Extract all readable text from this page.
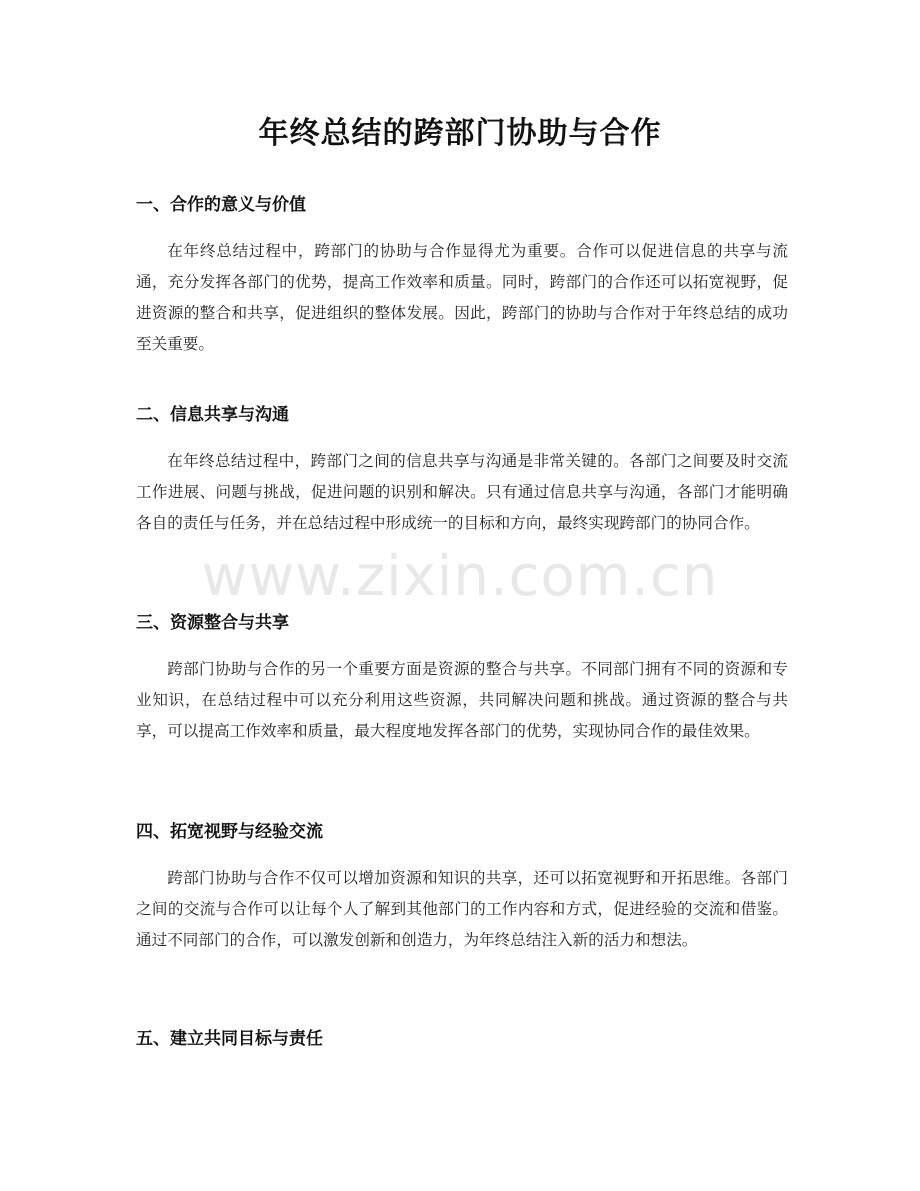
年终总结的跨部门协助与合作
一、合作的意义与价值

在年终总结过程中，跨部门的协助与合作显得尤为重要。合作可以促进信息的共享与流通，充分发挥各部门的优势，提高工作效率和质量。同时，跨部门的合作还可以拓宽视野，促进资源的整合和共享，促进组织的整体发展。因此，跨部门的协助与合作对于年终总结的成功至关重要。

二、信息共享与沟通

在年终总结过程中，跨部门之间的信息共享与沟通是非常关键的。各部门之间要及时交流工作进展、问题与挑战，促进问题的识别和解决。只有通过信息共享与沟通，各部门才能明确各自的责任与任务，并在总结过程中形成统一的目标和方向，最终实现跨部门的协同合作。

三、资源整合与共享

跨部门协助与合作的另一个重要方面是资源的整合与共享。不同部门拥有不同的资源和专业知识，在总结过程中可以充分利用这些资源，共同解决问题和挑战。通过资源的整合与共享，可以提高工作效率和质量，最大程度地发挥各部门的优势，实现协同合作的最佳效果。

四、拓宽视野与经验交流

跨部门协助与合作不仅可以增加资源和知识的共享，还可以拓宽视野和开拓思维。各部门之间的交流与合作可以让每个人了解到其他部门的工作内容和方式，促进经验的交流和借鉴。通过不同部门的合作，可以激发创新和创造力，为年终总结注入新的活力和想法。

五、建立共同目标与责任
www.zixin.com.cn
